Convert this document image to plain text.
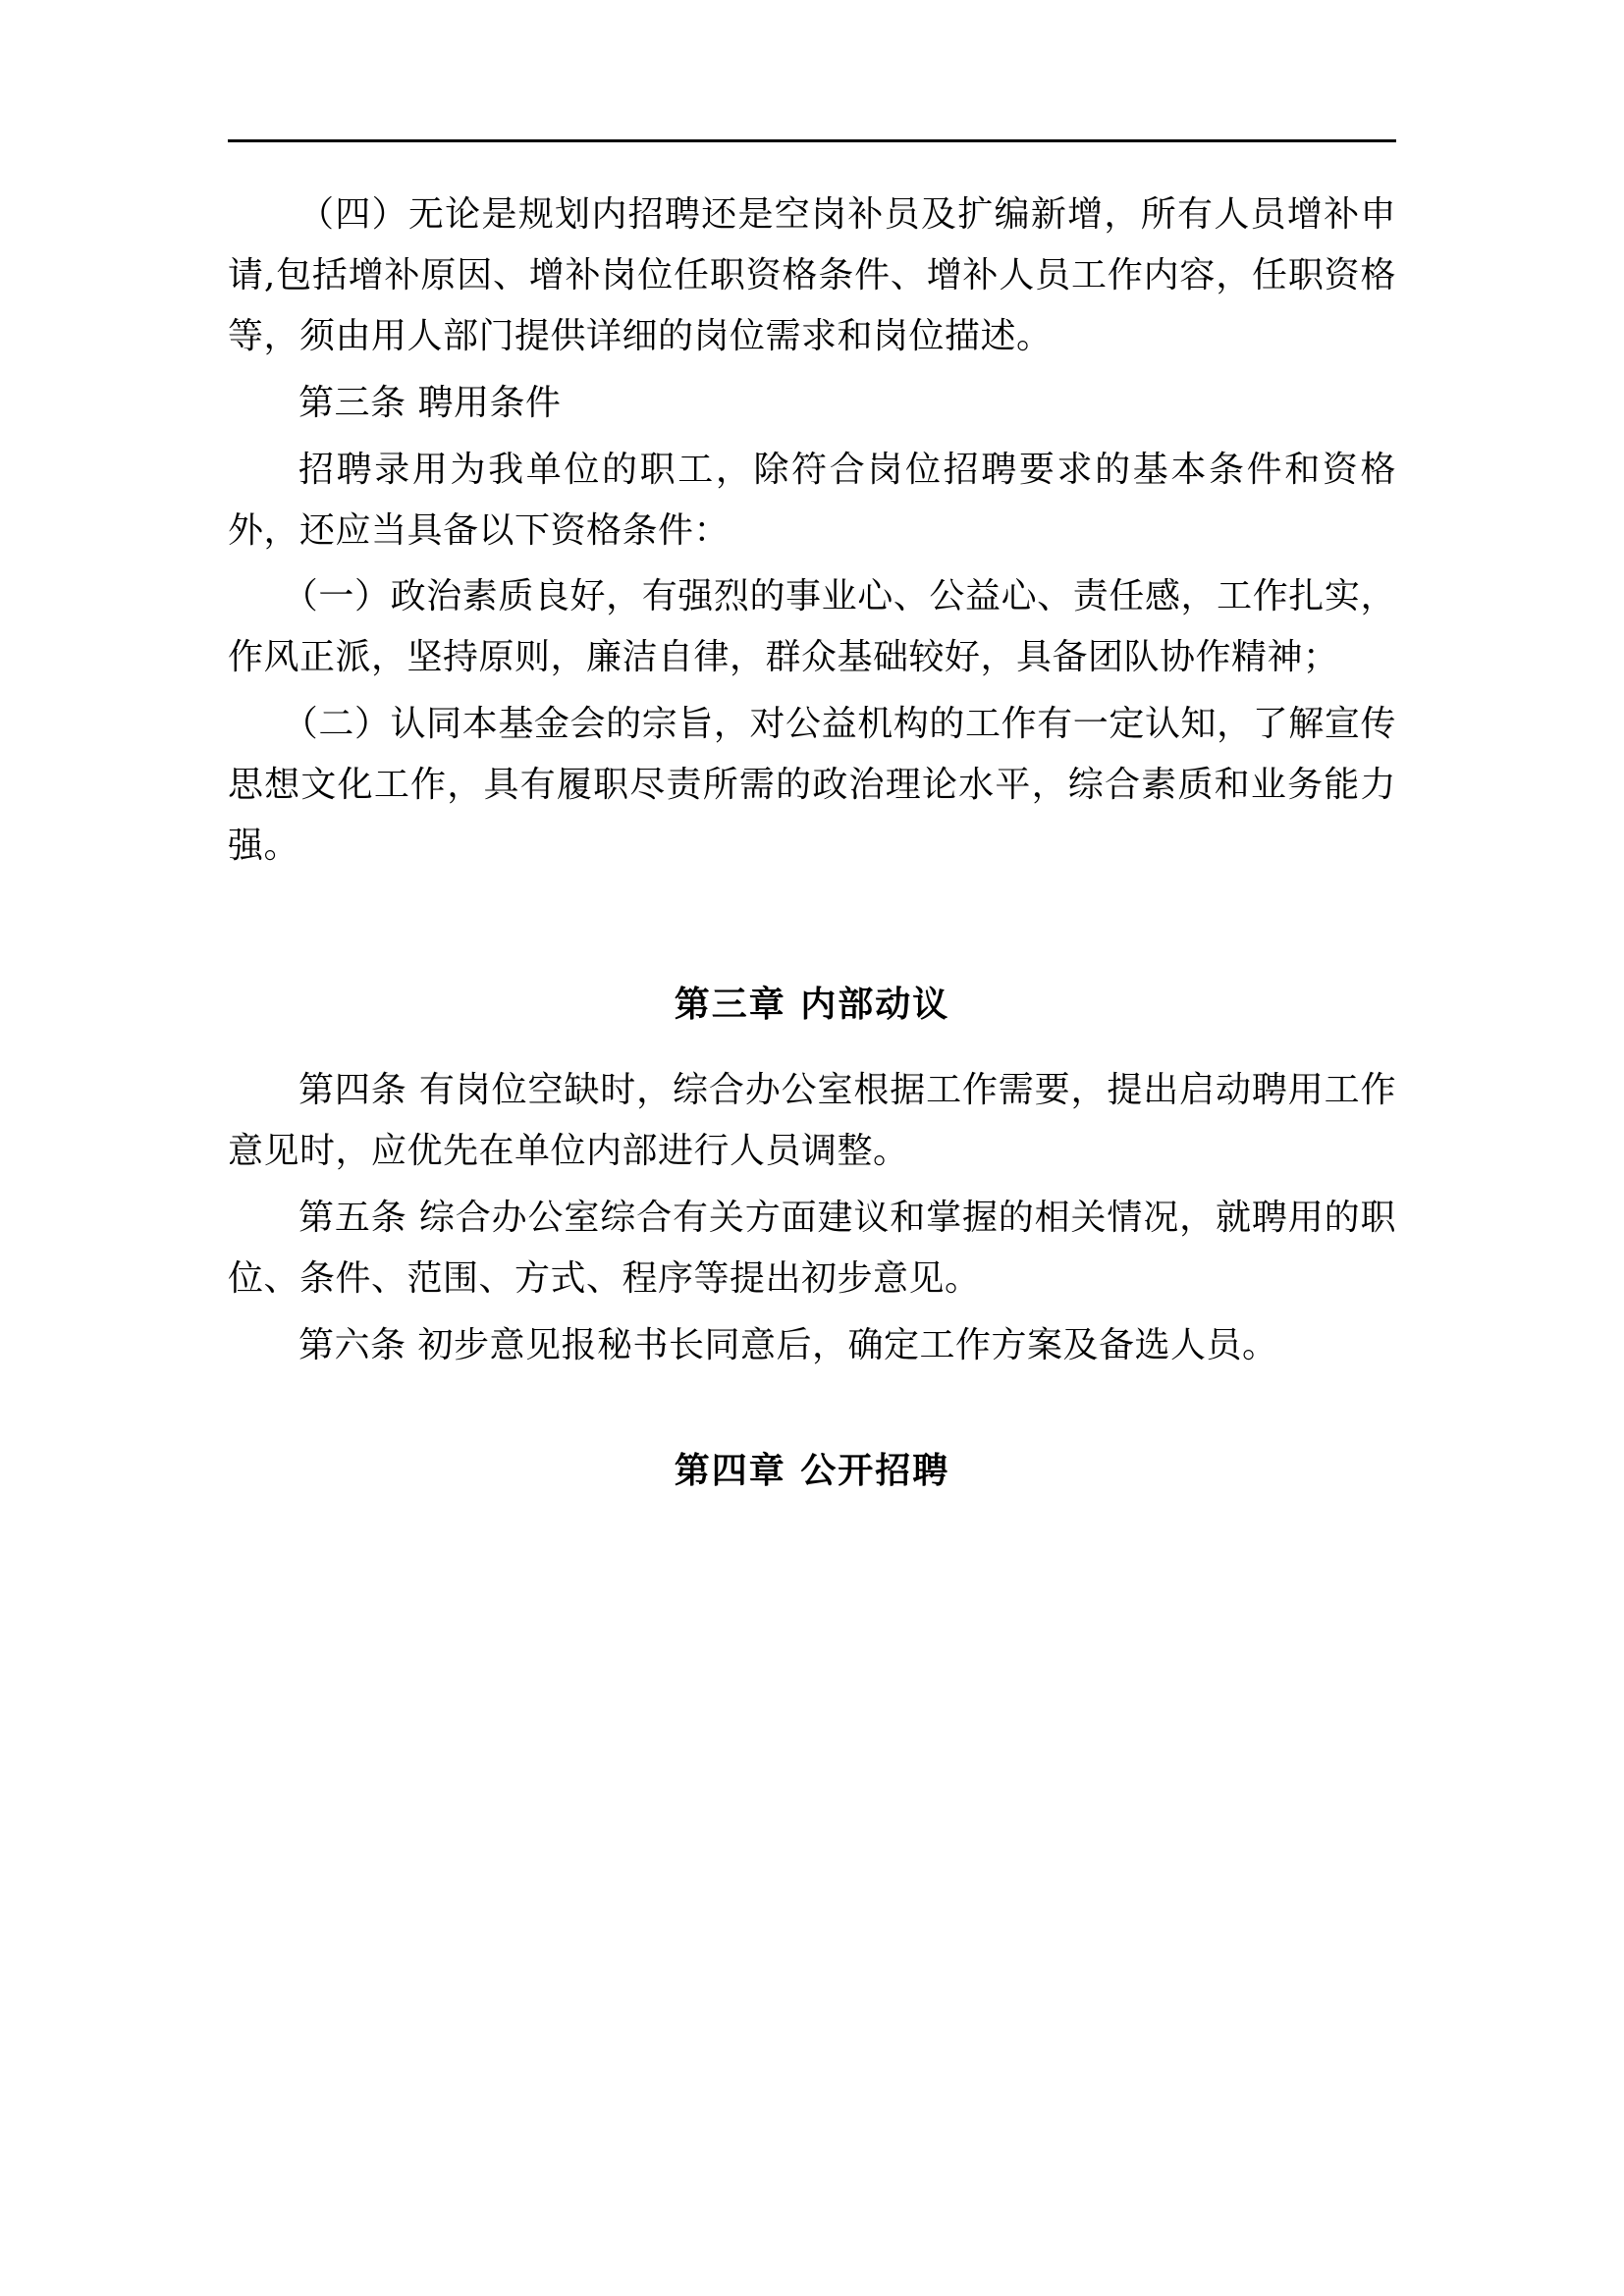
（四）无论是规划内招聘还是空岗补员及扩编新增，所有人员增补申请,包括增补原因、增补岗位任职资格条件、增补人员工作内容，任职资格等，须由用人部门提供详细的岗位需求和岗位描述。

第三条 聘用条件

招聘录用为我单位的职工，除符合岗位招聘要求的基本条件和资格外，还应当具备以下资格条件：

（一）政治素质良好，有强烈的事业心、公益心、责任感，工作扎实，作风正派，坚持原则，廉洁自律，群众基础较好，具备团队协作精神；

（二）认同本基金会的宗旨，对公益机构的工作有一定认知，了解宣传思想文化工作，具有履职尽责所需的政治理论水平，综合素质和业务能力强。

第三章 内部动议

第四条 有岗位空缺时，综合办公室根据工作需要，提出启动聘用工作意见时，应优先在单位内部进行人员调整。

第五条 综合办公室综合有关方面建议和掌握的相关情况，就聘用的职位、条件、范围、方式、程序等提出初步意见。

第六条 初步意见报秘书长同意后，确定工作方案及备选人员。

第四章 公开招聘
